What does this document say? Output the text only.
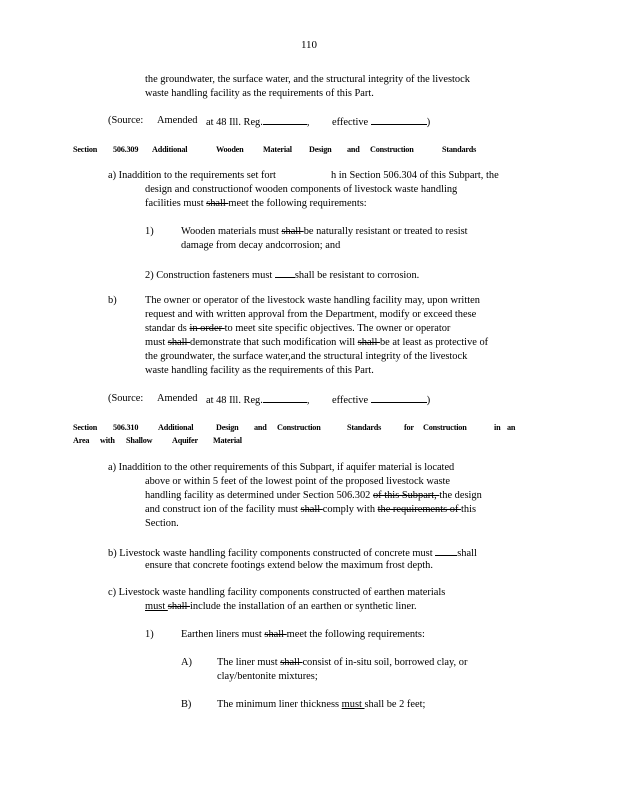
110
the groundwater, the surface water, and the structural integrity of the livestock
waste handling facility as the requirements of this Part.
(Source: Amended at 48 Ill. Reg.	, effective	)
Section 506.309 Additional	Wooden Material Design and Construction	Standards
a) Inaddition to the requirements set fort	h in Section 506.304 of this Subpart, the
design and constructionof wooden components of livestock waste handling
facilities must shall meet the following requirements:
1)	Wooden materials must shall be naturally resistant or treated to resist
damage from decay andcorrosion; and
2) Construction fasteners must shall be resistant to corrosion.
b)	The owner or operator of the livestock waste handling facility may, upon written
request and with written approval from the Department, modify or exceed these
standar ds in order to meet site specific objectives. The owner or operator
must shall demonstrate that such modification will shall be at least as protective of
the groundwater, the surface water,and the structural integrity of the livestock
waste handling facility as the requirements of this Part.
(Source: Amended at 48 Ill. Reg.	, effective	)
Section 506.310 Additional	Design and Construction	Standards	for Construction	in an
Area with Shallow Aquifer Material
a) Inaddition to the other requirements of this Subpart, if aquifer material is located
above or within 5 feet of the lowest point of the proposed livestock waste
handling facility as determined under Section 506.302 of this Subpart, the design
and construct ion of the facility must shall comply with the requirements of this
Section.
b) Livestock waste handling facility components constructed of concrete must shall
ensure that concrete footings extend below the maximum frost depth.
c) Livestock waste handling facility components constructed of earthen materials
must shall include the installation of an earthen or synthetic liner.
1)	Earthen liners must shall meet the following requirements:
A) The liner must shall consist of in-situ soil, borrowed clay, or
clay/bentonite mixtures;
B) The minimum liner thickness must shall be 2 feet;
